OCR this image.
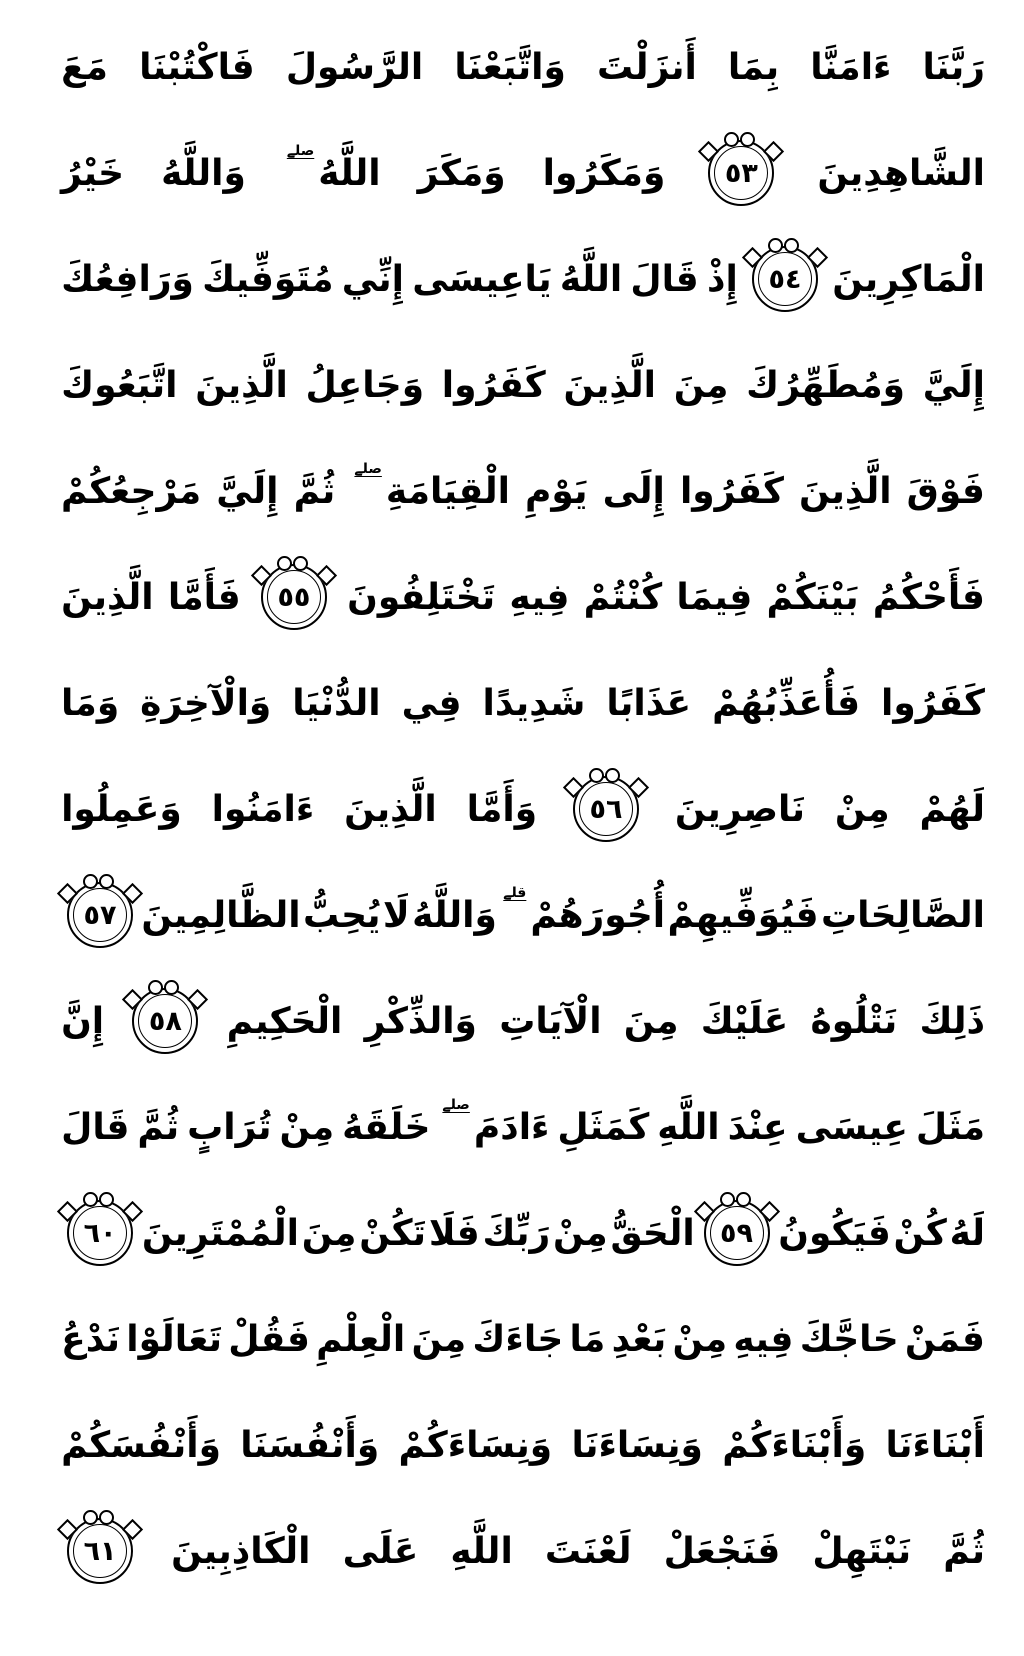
رَبَّنَا
ءَامَنَّا
بِمَا
أَنزَلْتَ
وَاتَّبَعْنَا
الرَّسُولَ
فَاكْتُبْنَا
مَعَ
الشَّاهِدِينَ
٥٣
وَمَكَرُوا
وَمَكَرَ
اللَّهُ
صلے
وَاللَّهُ
خَيْرُ
الْمَاكِرِينَ
٥٤
إِذْ
قَالَ
اللَّهُ
يَاعِيسَى
إِنِّي
مُتَوَفِّيكَ
وَرَافِعُكَ
إِلَيَّ
وَمُطَهِّرُكَ
مِنَ
الَّذِينَ
كَفَرُوا
وَجَاعِلُ
الَّذِينَ
اتَّبَعُوكَ
فَوْقَ
الَّذِينَ
كَفَرُوا
إِلَى
يَوْمِ
الْقِيَامَةِ
صلے
ثُمَّ
إِلَيَّ
مَرْجِعُكُمْ
فَأَحْكُمُ
بَيْنَكُمْ
فِيمَا
كُنْتُمْ
فِيهِ
تَخْتَلِفُونَ
٥٥
فَأَمَّا
الَّذِينَ
كَفَرُوا
فَأُعَذِّبُهُمْ
عَذَابًا
شَدِيدًا
فِي
الدُّنْيَا
وَالْآخِرَةِ
وَمَا
لَهُمْ
مِنْ
نَاصِرِينَ
٥٦
وَأَمَّا
الَّذِينَ
ءَامَنُوا
وَعَمِلُوا
الصَّالِحَاتِ
فَيُوَفِّيهِمْ
أُجُورَهُمْ
قلے
وَاللَّهُ
لَا
يُحِبُّ
الظَّالِمِينَ
٥٧
ذَلِكَ
نَتْلُوهُ
عَلَيْكَ
مِنَ
الْآيَاتِ
وَالذِّكْرِ
الْحَكِيمِ
٥٨
إِنَّ
مَثَلَ
عِيسَى
عِنْدَ
اللَّهِ
كَمَثَلِ
ءَادَمَ
صلے
خَلَقَهُ
مِنْ
تُرَابٍ
ثُمَّ
قَالَ
لَهُ
كُنْ
فَيَكُونُ
٥٩
الْحَقُّ
مِنْ
رَبِّكَ
فَلَا
تَكُنْ
مِنَ
الْمُمْتَرِينَ
٦٠
فَمَنْ
حَاجَّكَ
فِيهِ
مِنْ
بَعْدِ
مَا
جَاءَكَ
مِنَ
الْعِلْمِ
فَقُلْ
تَعَالَوْا
نَدْعُ
أَبْنَاءَنَا
وَأَبْنَاءَكُمْ
وَنِسَاءَنَا
وَنِسَاءَكُمْ
وَأَنْفُسَنَا
وَأَنْفُسَكُمْ
ثُمَّ
نَبْتَهِلْ
فَنَجْعَلْ
لَعْنَتَ
اللَّهِ
عَلَى
الْكَاذِبِينَ
٦١
